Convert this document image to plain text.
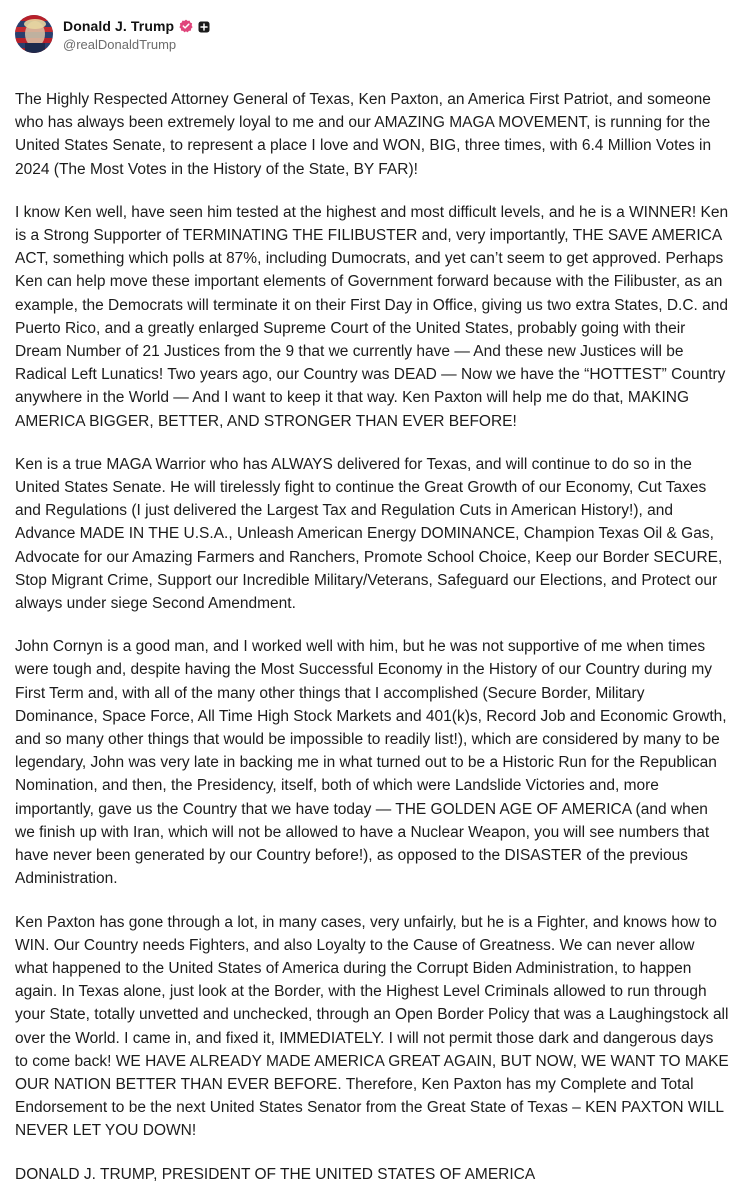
Donald J. Trump
@realDonaldTrump

The Highly Respected Attorney General of Texas, Ken Paxton, an America First Patriot, and someone who has always been extremely loyal to me and our AMAZING MAGA MOVEMENT, is running for the United States Senate, to represent a place I love and WON, BIG, three times, with 6.4 Million Votes in 2024 (The Most Votes in the History of the State, BY FAR)!

I know Ken well, have seen him tested at the highest and most difficult levels, and he is a WINNER! Ken is a Strong Supporter of TERMINATING THE FILIBUSTER and, very importantly, THE SAVE AMERICA ACT, something which polls at 87%, including Dumocrats, and yet can’t seem to get approved. Perhaps Ken can help move these important elements of Government forward because with the Filibuster, as an example, the Democrats will terminate it on their First Day in Office, giving us two extra States, D.C. and Puerto Rico, and a greatly enlarged Supreme Court of the United States, probably going with their Dream Number of 21 Justices from the 9 that we currently have — And these new Justices will be Radical Left Lunatics! Two years ago, our Country was DEAD — Now we have the “HOTTEST” Country anywhere in the World — And I want to keep it that way. Ken Paxton will help me do that, MAKING AMERICA BIGGER, BETTER, AND STRONGER THAN EVER BEFORE!

Ken is a true MAGA Warrior who has ALWAYS delivered for Texas, and will continue to do so in the United States Senate. He will tirelessly fight to continue the Great Growth of our Economy, Cut Taxes and Regulations (I just delivered the Largest Tax and Regulation Cuts in American History!), and Advance MADE IN THE U.S.A., Unleash American Energy DOMINANCE, Champion Texas Oil & Gas, Advocate for our Amazing Farmers and Ranchers, Promote School Choice, Keep our Border SECURE, Stop Migrant Crime, Support our Incredible Military/Veterans, Safeguard our Elections, and Protect our always under siege Second Amendment.

John Cornyn is a good man, and I worked well with him, but he was not supportive of me when times were tough and, despite having the Most Successful Economy in the History of our Country during my First Term and, with all of the many other things that I accomplished (Secure Border, Military Dominance, Space Force, All Time High Stock Markets and 401(k)s, Record Job and Economic Growth, and so many other things that would be impossible to readily list!), which are considered by many to be legendary, John was very late in backing me in what turned out to be a Historic Run for the Republican Nomination, and then, the Presidency, itself, both of which were Landslide Victories and, more importantly, gave us the Country that we have today — THE GOLDEN AGE OF AMERICA (and when we finish up with Iran, which will not be allowed to have a Nuclear Weapon, you will see numbers that have never been generated by our Country before!), as opposed to the DISASTER of the previous Administration.

Ken Paxton has gone through a lot, in many cases, very unfairly, but he is a Fighter, and knows how to WIN. Our Country needs Fighters, and also Loyalty to the Cause of Greatness. We can never allow what happened to the United States of America during the Corrupt Biden Administration, to happen again. In Texas alone, just look at the Border, with the Highest Level Criminals allowed to run through your State, totally unvetted and unchecked, through an Open Border Policy that was a Laughingstock all over the World. I came in, and fixed it, IMMEDIATELY. I will not permit those dark and dangerous days to come back! WE HAVE ALREADY MADE AMERICA GREAT AGAIN, BUT NOW, WE WANT TO MAKE OUR NATION BETTER THAN EVER BEFORE. Therefore, Ken Paxton has my Complete and Total Endorsement to be the next United States Senator from the Great State of Texas – KEN PAXTON WILL NEVER LET YOU DOWN!

DONALD J. TRUMP, PRESIDENT OF THE UNITED STATES OF AMERICA
